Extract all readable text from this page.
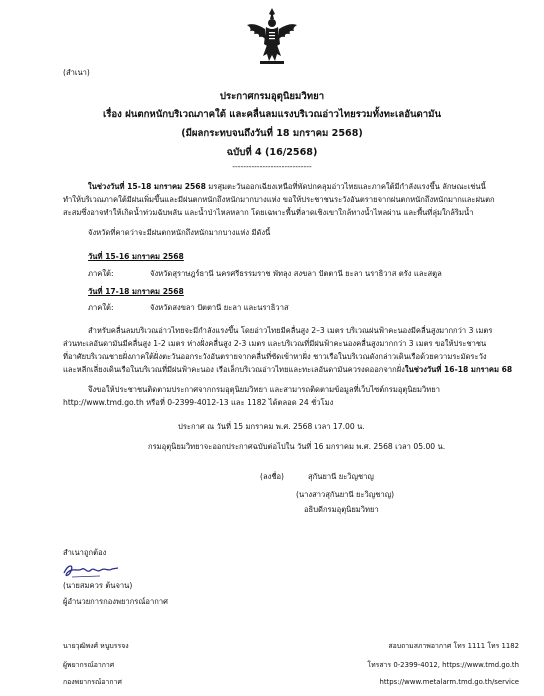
(สำเนา)
ประกาศกรมอุตุนิยมวิทยา
เรื่อง ฝนตกหนักบริเวณภาคใต้ และคลื่นลมแรงบริเวณอ่าวไทยรวมทั้งทะเลอันดามัน
(มีผลกระทบจนถึงวันที่ 18 มกราคม 2568)
ฉบับที่ 4 (16/2568)
-----------------------------
ในช่วงวันที่ 15-18 มกราคม 2568 มรสุมตะวันออกเฉียงเหนือที่พัดปกคลุมอ่าวไทยและภาคใต้มีกำลังแรงขึ้น ลักษณะเช่นนี้
ทำให้บริเวณภาคใต้มีฝนเพิ่มขึ้นและมีฝนตกหนักถึงหนักมากบางแห่ง ขอให้ประชาชนระวังอันตรายจากฝนตกหนักถึงหนักมากและฝนตก
สะสมซึ่งอาจทำให้เกิดน้ำท่วมฉับพลัน และน้ำป่าไหลหลาก โดยเฉพาะพื้นที่ลาดเชิงเขาใกล้ทางน้ำไหลผ่าน และพื้นที่ลุ่มใกล้ริมน้ำ
จังหวัดที่คาดว่าจะมีฝนตกหนักถึงหนักมากบางแห่ง มีดังนี้
วันที่ 15-16 มกราคม 2568
ภาคใต้:	จังหวัดสุราษฎร์ธานี นครศรีธรรมราช พัทลุง สงขลา ปัตตานี ยะลา นราธิวาส ตรัง และสตูล
วันที่ 17-18 มกราคม 2568
ภาคใต้:	จังหวัดสงขลา ปัตตานี ยะลา และนราธิวาส
สำหรับคลื่นลมบริเวณอ่าวไทยจะมีกำลังแรงขึ้น โดยอ่าวไทยมีคลื่นสูง 2–3 เมตร บริเวณฝนฟ้าคะนองมีคลื่นสูงมากกว่า 3 เมตร
ส่วนทะเลอันดามันมีคลื่นสูง 1-2 เมตร ห่างฝั่งคลื่นสูง 2-3 เมตร และบริเวณที่มีฝนฟ้าคะนองคลื่นสูงมากกว่า 3 เมตร ขอให้ประชาชน
ที่อาศัยบริเวณชายฝั่งภาคใต้ฝั่งตะวันออกระวังอันตรายจากคลื่นที่ซัดเข้าหาฝั่ง ชาวเรือในบริเวณดังกล่าวเดินเรือด้วยความระมัดระวัง
และหลีกเลี่ยงเดินเรือในบริเวณที่มีฝนฟ้าคะนอง เรือเล็กบริเวณอ่าวไทยและทะเลอันดามันควรงดออกจากฝั่งในช่วงวันที่ 16-18 มกราคม 68
จึงขอให้ประชาชนติดตามประกาศจากกรมอุตุนิยมวิทยา และสามารถติดตามข้อมูลที่เว็บไซต์กรมอุตุนิยมวิทยา
http://www.tmd.go.th หรือที่ 0-2399-4012-13 และ 1182 ได้ตลอด 24 ชั่วโมง
ประกาศ ณ วันที่ 15 มกราคม พ.ศ. 2568 เวลา 17.00 น.
กรมอุตุนิยมวิทยาจะออกประกาศฉบับต่อไปใน วันที่ 16 มกราคม พ.ศ. 2568 เวลา 05.00 น.
(ลงชื่อ)	สุกันยานี ยะวิญชาญ
(นางสาวสุกันยานี ยะวิญชาญ)
อธิบดีกรมอุตุนิยมวิทยา
สำเนาถูกต้อง
(นายสมควร ต้นจาน)
ผู้อำนวยการกองพยากรณ์อากาศ
นายวุฒิพงศ์ หนูบรรจง
ผู้พยากรณ์อากาศ
กองพยากรณ์อากาศ
สอบถามสภาพอากาศ โทร 1111 โทร 1182
โทรสาร 0-2399-4012, https://www.tmd.go.th
https://www.metalarm.tmd.go.th/service
